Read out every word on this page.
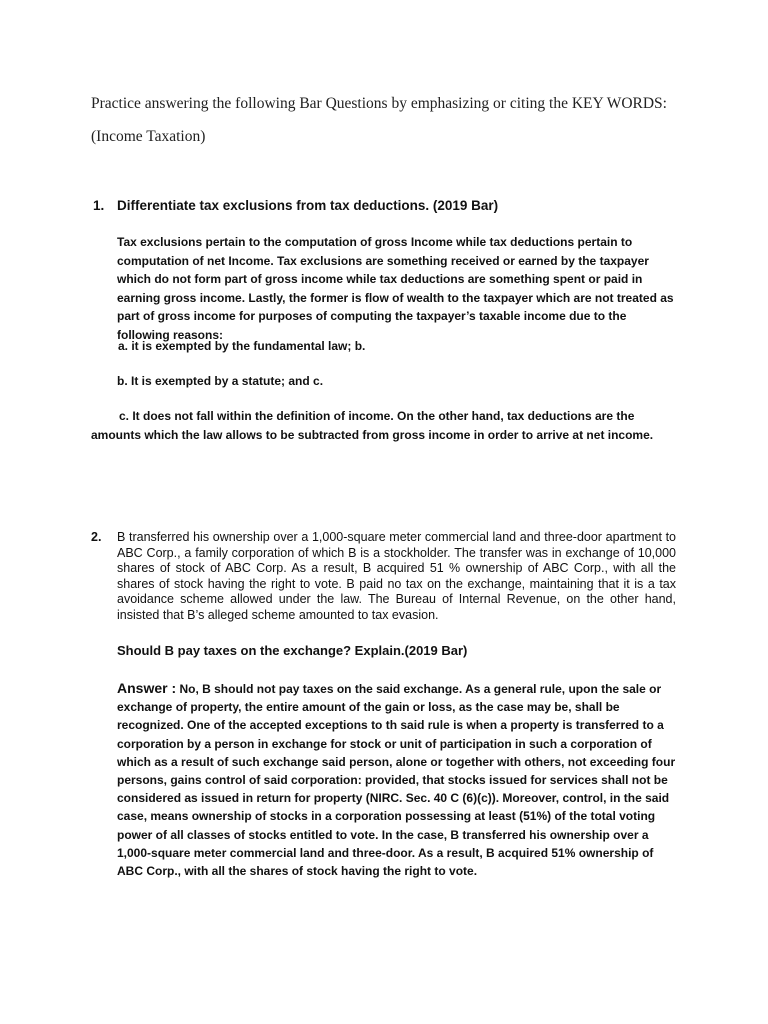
Practice answering the following Bar Questions by emphasizing or citing the KEY WORDS:
(Income Taxation)
1. Differentiate tax exclusions from tax deductions. (2019 Bar)
Tax exclusions pertain to the computation of gross Income while tax deductions pertain to computation of net Income. Tax exclusions are something received or earned by the taxpayer which do not form part of gross income while tax deductions are something spent or paid in earning gross income. Lastly, the former is flow of wealth to the taxpayer which are not treated as part of gross income for purposes of computing the taxpayer’s taxable income due to the following reasons:
a. it is exempted by the fundamental law; b.
b. It is exempted by a statute; and c.
c. It does not fall within the definition of income. On the other hand, tax deductions are the amounts which the law allows to be subtracted from gross income in order to arrive at net income.
2. B transferred his ownership over a 1,000-square meter commercial land and three-door apartment to ABC Corp., a family corporation of which B is a stockholder. The transfer was in exchange of 10,000 shares of stock of ABC Corp. As a result, B acquired 51 % ownership of ABC Corp., with all the shares of stock having the right to vote. B paid no tax on the exchange, maintaining that it is a tax avoidance scheme allowed under the law. The Bureau of Internal Revenue, on the other hand, insisted that B’s alleged scheme amounted to tax evasion.
Should B pay taxes on the exchange? Explain.(2019 Bar)
Answer : No, B should not pay taxes on the said exchange. As a general rule, upon the sale or exchange of property, the entire amount of the gain or loss, as the case may be, shall be recognized. One of the accepted exceptions to th said rule is when a property is transferred to a corporation by a person in exchange for stock or unit of participation in such a corporation of which as a result of such exchange said person, alone or together with others, not exceeding four persons, gains control of said corporation: provided, that stocks issued for services shall not be considered as issued in return for property (NIRC. Sec. 40 C (6)(c)). Moreover, control, in the said case, means ownership of stocks in a corporation possessing at least (51%) of the total voting power of all classes of stocks entitled to vote. In the case, B transferred his ownership over a 1,000-square meter commercial land and three-door. As a result, B acquired 51% ownership of ABC Corp., with all the shares of stock having the right to vote.
